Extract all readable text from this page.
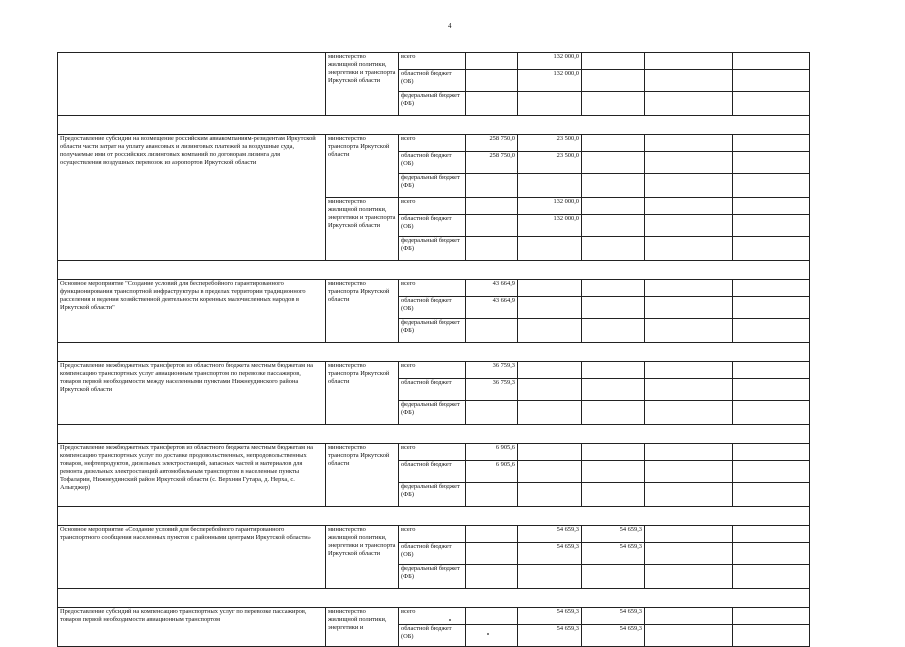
4
	министерство жилищной политики, энергетики и транспорта Иркутской области	всего		132 000,0				
		областной бюджет (ОБ)		132 000,0				
		федеральный бюджет (ФБ)						

Предоставление субсидии на возмещение российским авиакомпаниям-резидентам Иркутской области части затрат на уплату авансовых и лизинговых платежей за воздушные суда, получаемые ими от российских лизинговых компаний по договорам лизинга для осуществления воздушных перевозок из аэропортов Иркутской области	министерство транспорта Иркутской области	всего	258 750,0	23 500,0				
		областной бюджет (ОБ)	258 750,0	23 500,0				
		федеральный бюджет (ФБ)						
	министерство жилищной политики, энергетики и транспорта Иркутской области	всего		132 000,0				
		областной бюджет (ОБ)		132 000,0				
		федеральный бюджет (ФБ)						

Основное мероприятие "Создание условий для бесперебойного гарантированного функционирования транспортной инфраструктуры в пределах территории традиционного расселения и ведения хозяйственной деятельности коренных малочисленных народов в Иркутской области"	министерство транспорта Иркутской области	всего	43 664,9					
		областной бюджет (ОБ)	43 664,9					
		федеральный бюджет (ФБ)						

Предоставление межбюджетных трансфертов из областного бюджета местным бюджетам на компенсацию транспортных услуг авиационным транспортом по перевозке пассажиров, товаров первой необходимости между населенными пунктами Нижнеудинского района Иркутской области	министерство транспорта Иркутской области	всего	36 759,3					
		областной бюджет	36 759,3					
		федеральный бюджет (ФБ)						

Предоставление межбюджетных трансфертов из областного бюджета местным бюджетам на компенсацию транспортных услуг по доставке продовольственных, непродовольственных товаров, нефтепродуктов, дизельных электростанций, запасных частей и материалов для ремонта дизельных электростанций автомобильным транспортом в населенные пункты Тофаларии, Нижнеудинский район Иркутской области (с. Верхняя Гутара, д. Нерха, с. Алыгджер)	министерство транспорта Иркутской области	всего	6 905,6					
		областной бюджет	6 905,6					
		федеральный бюджет (ФБ)						

Основное мероприятие «Создание условий для бесперебойного гарантированного транспортного сообщения населенных пунктов с районными центрами Иркутской области»	министерство жилищной политики, энергетики и транспорта Иркутской области	всего		54 659,3	54 659,3			
		областной бюджет (ОБ)		54 659,3	54 659,3			
		федеральный бюджет (ФБ)						

Предоставление субсидий на компенсацию транспортных услуг по перевозке пассажиров, товаров первой необходимости авиационным транспортом	министерство жилищной политики, энергетики и	всего		54 659,3	54 659,3			
		областной бюджет (ОБ)		54 659,3	54 659,3			
